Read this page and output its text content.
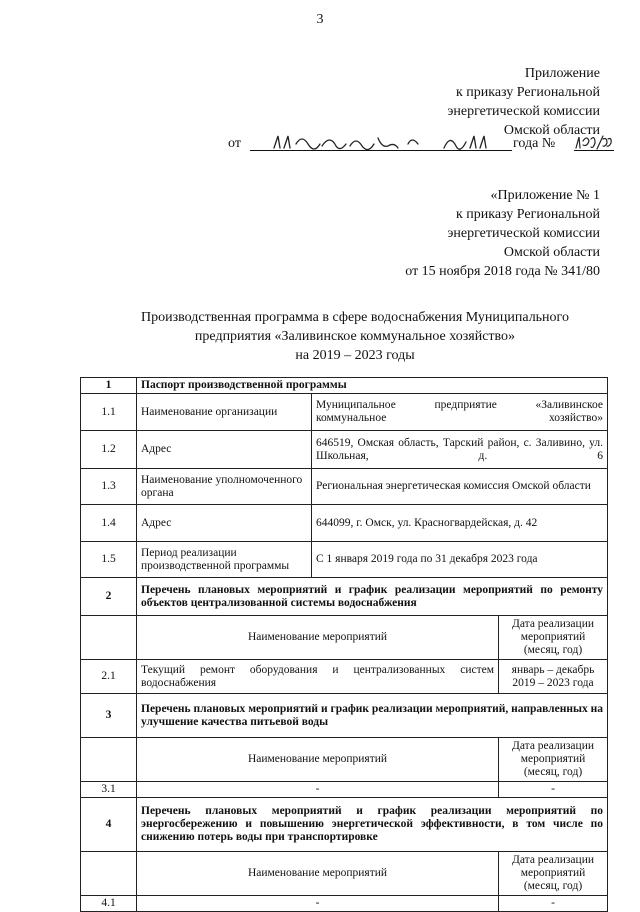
3
Приложение
к приказу Региональной
энергетической комиссии
Омской области
от	года №
«Приложение № 1
к приказу Региональной
энергетической комиссии
Омской области
от 15 ноября 2018 года № 341/80
Производственная программа в сфере водоснабжения Муниципального
предприятия «Заливинское коммунальное хозяйство»
на 2019 – 2023 годы
1	Паспорт производственной программы		
1.1	Наименование организации	Муниципальное предприятие «Заливинское коммунальное хозяйство»	
1.2	Адрес	646519, Омская область, Тарский район, с. Заливино, ул. Школьная, д. 6	
1.3	Наименование уполномоченного органа	Региональная энергетическая комиссия Омской области	
1.4	Адрес	644099, г. Омск, ул. Красногвардейская, д. 42	
1.5	Период реализации производственной программы	С 1 января 2019 года по 31 декабря 2023 года	
2	Перечень плановых мероприятий и график реализации мероприятий по ремонту объектов централизованной системы водоснабжения		
	Наименование мероприятий		Дата реализации мероприятий (месяц, год)
2.1	Текущий ремонт оборудования и централизованных систем водоснабжения		январь – декабрь 2019 – 2023 года
3	Перечень плановых мероприятий и график реализации мероприятий, направленных на улучшение качества питьевой воды		
	Наименование мероприятий		Дата реализации мероприятий (месяц, год)
3.1	-		-
4	Перечень плановых мероприятий и график реализации мероприятий по энергосбережению и повышению энергетической эффективности, в том числе по снижению потерь воды при транспортировке		
	Наименование мероприятий		Дата реализации мероприятий (месяц, год)
4.1	-		-
